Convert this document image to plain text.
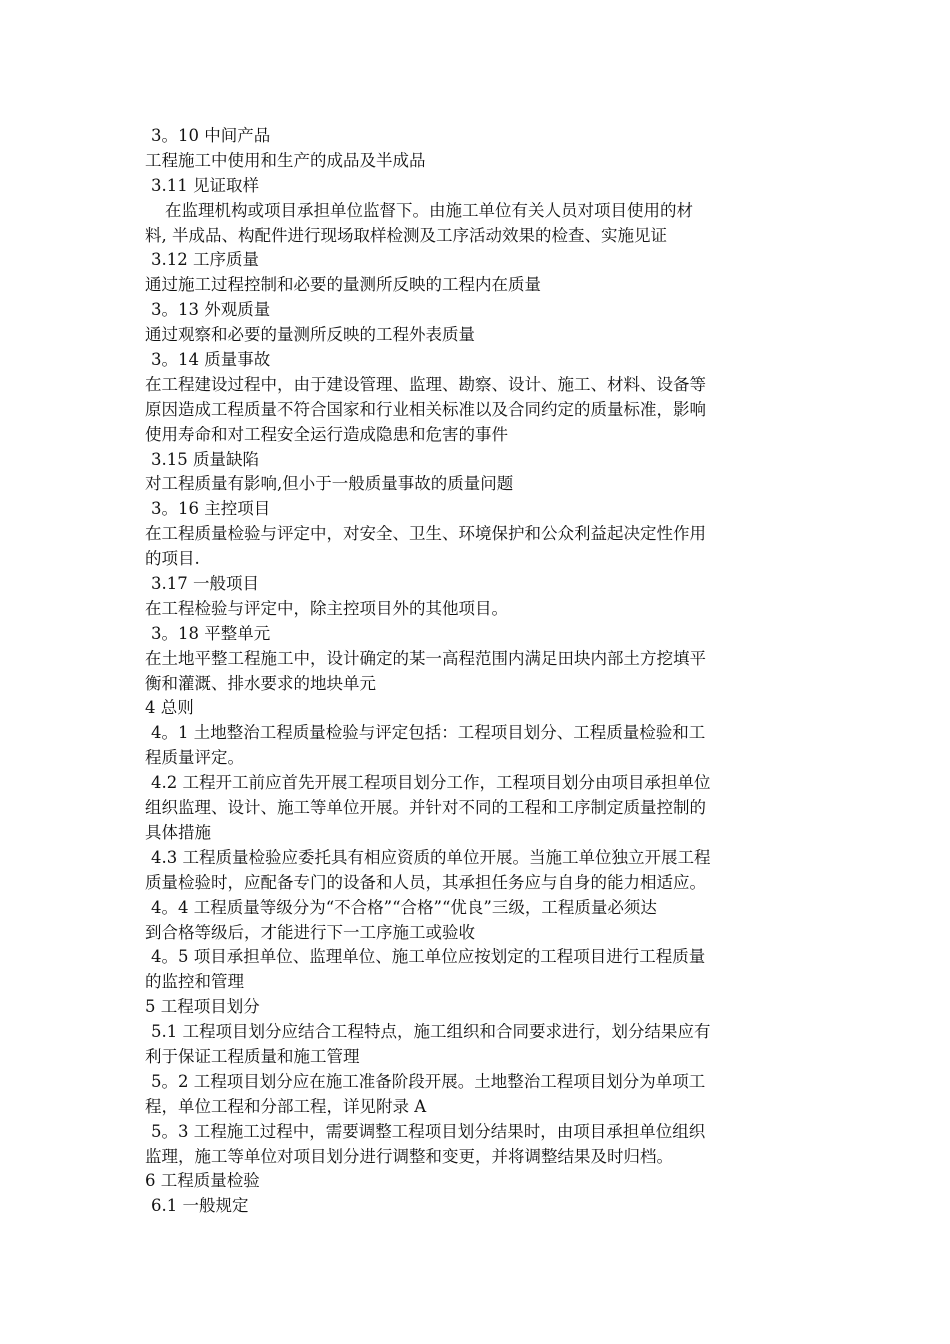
3。10 中间产品
工程施工中使用和生产的成品及半成品
3.11 见证取样
在监理机构或项目承担单位监督下。由施工单位有关人员对项目使用的材
料, 半成品、构配件进行现场取样检测及工序活动效果的检查、实施见证
3.12 工序质量
通过施工过程控制和必要的量测所反映的工程内在质量
3。13 外观质量
通过观察和必要的量测所反映的工程外表质量
3。14 质量事故
在工程建设过程中，由于建设管理、监理、勘察、设计、施工、材料、设备等
原因造成工程质量不符合国家和行业相关标准以及合同约定的质量标准，影响
使用寿命和对工程安全运行造成隐患和危害的事件
3.15 质量缺陷
对工程质量有影响,但小于一般质量事故的质量问题
3。16 主控项目
在工程质量检验与评定中，对安全、卫生、环境保护和公众利益起决定性作用
的项目.
3.17 一般项目
在工程检验与评定中，除主控项目外的其他项目。
3。18 平整单元
在土地平整工程施工中，设计确定的某一高程范围内满足田块内部土方挖填平
衡和灌溉、排水要求的地块单元
4 总则
4。1 土地整治工程质量检验与评定包括：工程项目划分、工程质量检验和工
程质量评定。
4.2 工程开工前应首先开展工程项目划分工作，工程项目划分由项目承担单位
组织监理、设计、施工等单位开展。并针对不同的工程和工序制定质量控制的
具体措施
4.3 工程质量检验应委托具有相应资质的单位开展。当施工单位独立开展工程
质量检验时，应配备专门的设备和人员，其承担任务应与自身的能力相适应。
4。4 工程质量等级分为“不合格”“合格”“优良”三级，工程质量必须达
到合格等级后，才能进行下一工序施工或验收
4。5 项目承担单位、监理单位、施工单位应按划定的工程项目进行工程质量
的监控和管理
5 工程项目划分
5.1 工程项目划分应结合工程特点，施工组织和合同要求进行，划分结果应有
利于保证工程质量和施工管理
5。2 工程项目划分应在施工准备阶段开展。土地整治工程项目划分为单项工
程，单位工程和分部工程，详见附录 A
5。3 工程施工过程中，需要调整工程项目划分结果时，由项目承担单位组织
监理，施工等单位对项目划分进行调整和变更，并将调整结果及时归档。
6 工程质量检验
6.1 一般规定
